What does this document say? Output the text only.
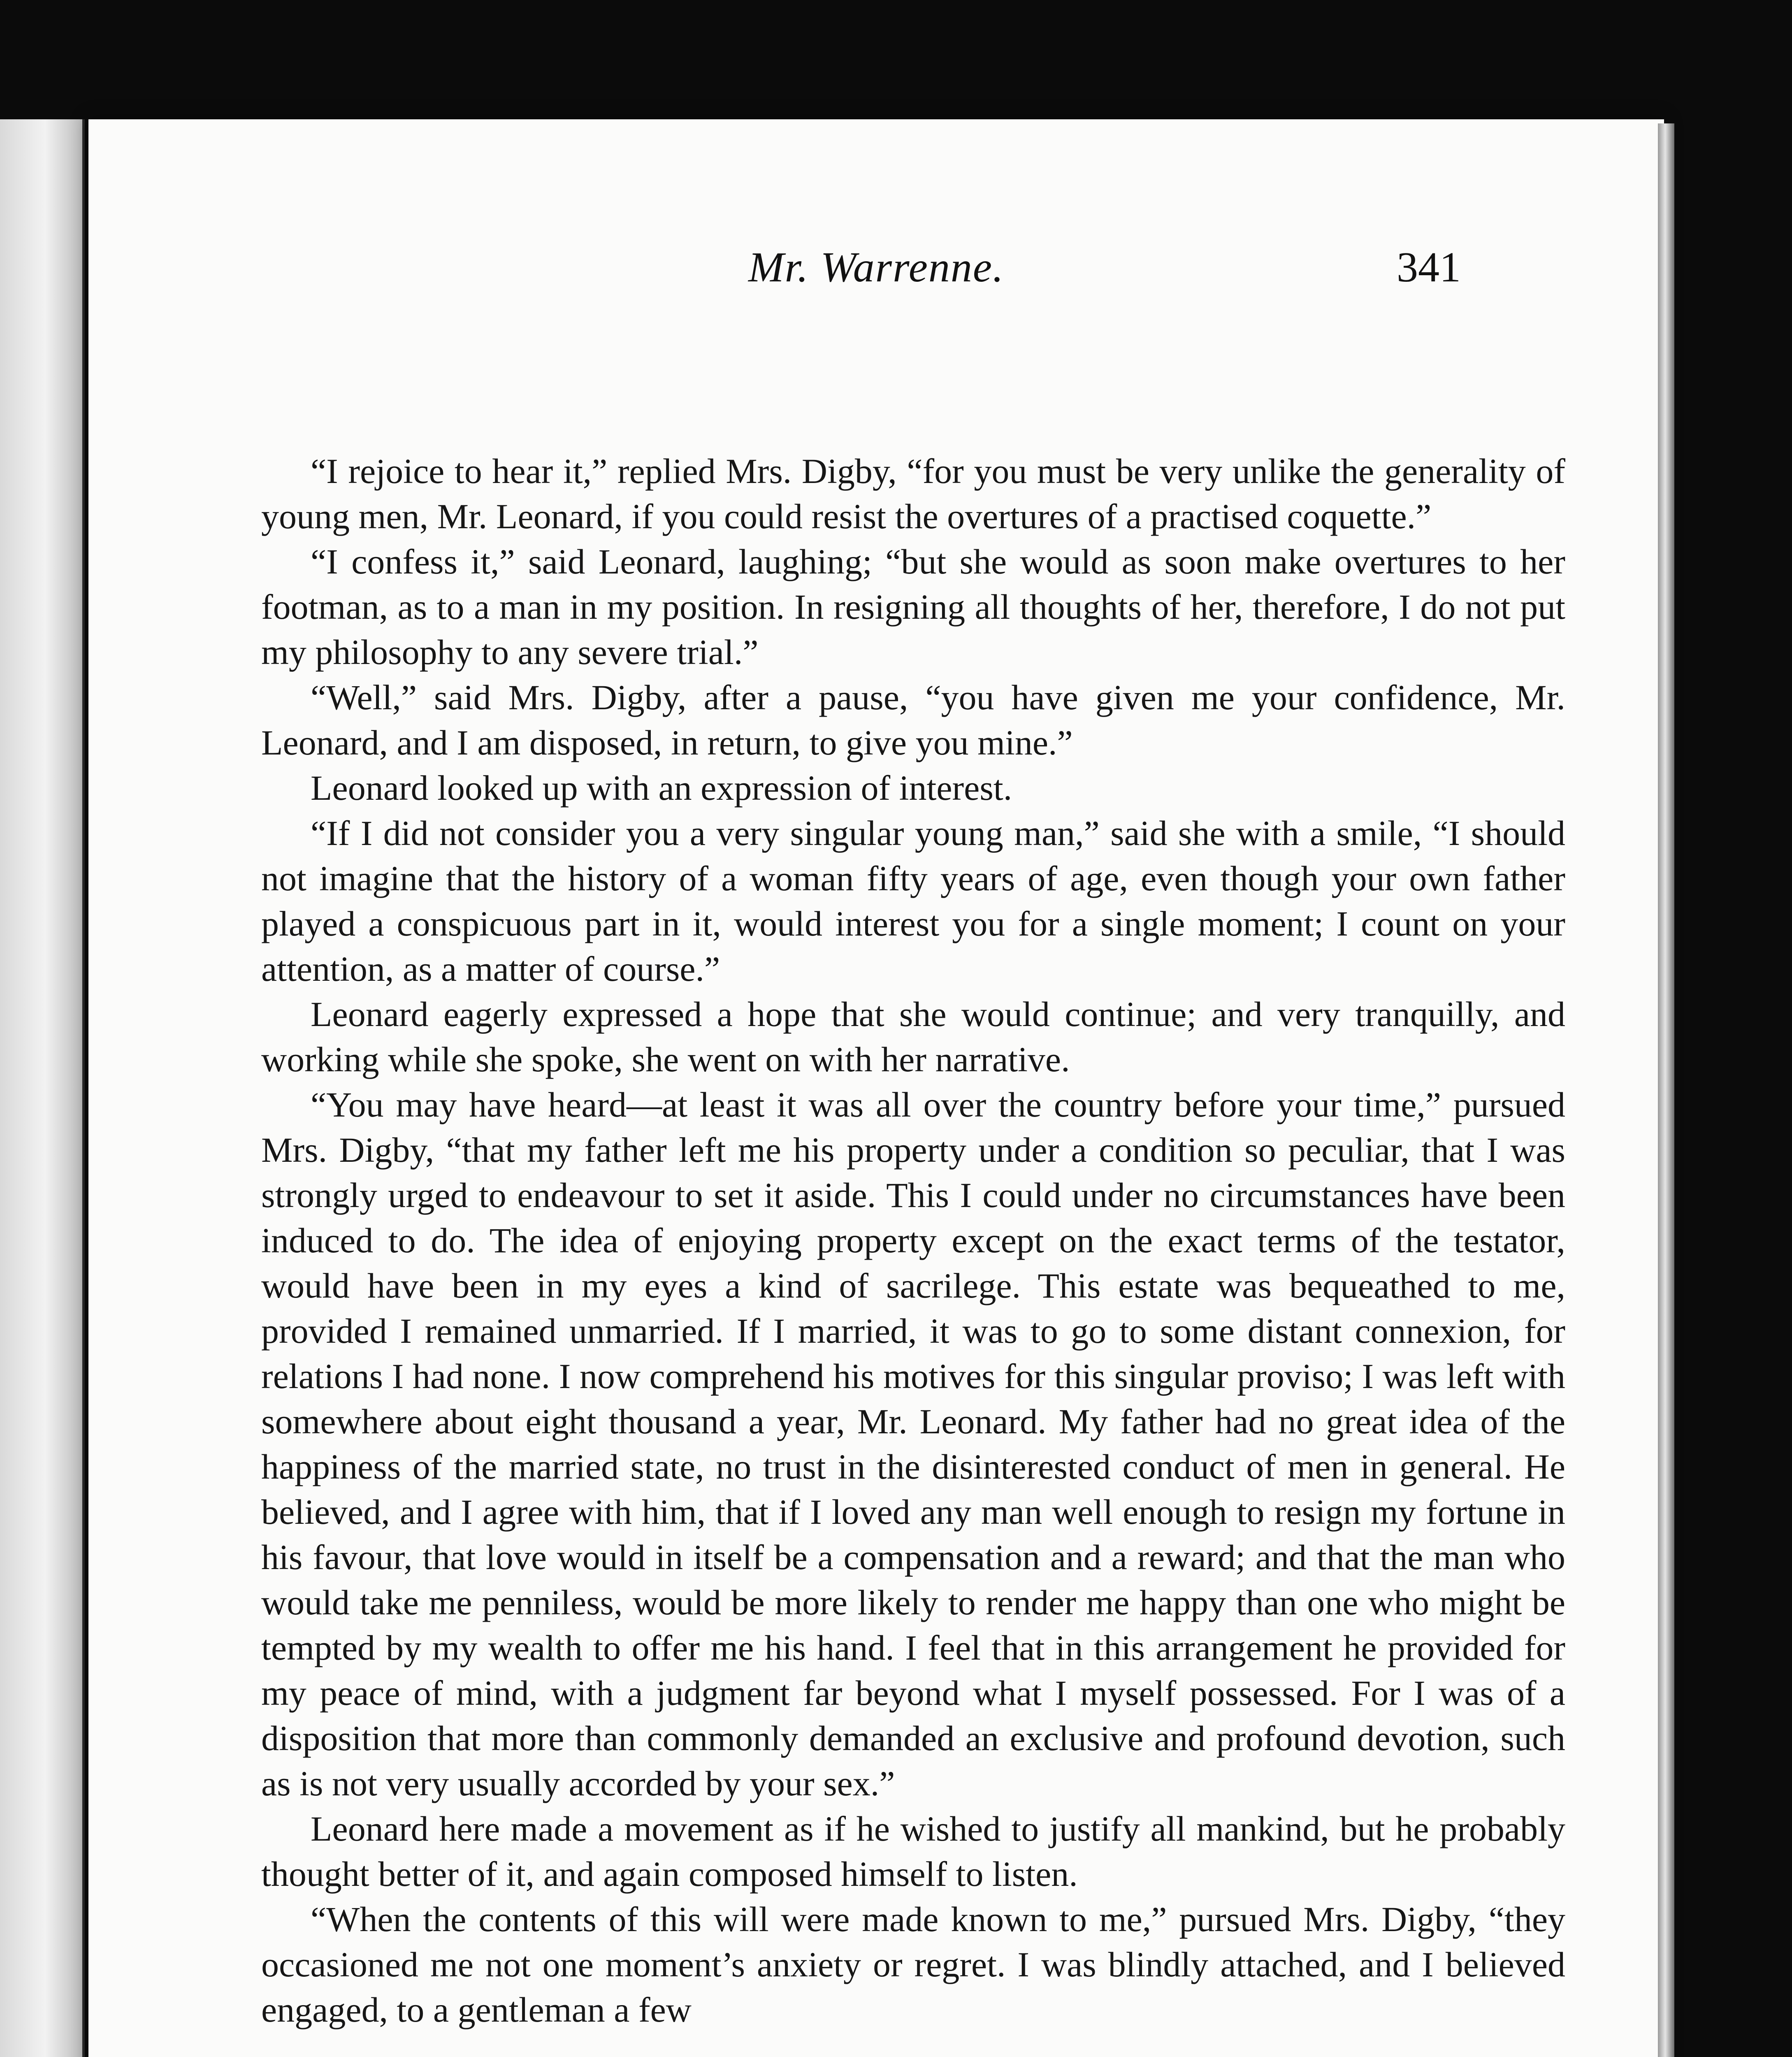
Mr. Warrenne.	341

“I rejoice to hear it,” replied Mrs. Digby, “for you must be very unlike the generality of young men, Mr. Leonard, if you could resist the overtures of a practised coquette.”

“I confess it,” said Leonard, laughing; “but she would as soon make overtures to her footman, as to a man in my position. In resigning all thoughts of her, therefore, I do not put my philosophy to any severe trial.”

“Well,” said Mrs. Digby, after a pause, “you have given me your confidence, Mr. Leonard, and I am disposed, in return, to give you mine.”

Leonard looked up with an expression of interest.

“If I did not consider you a very singular young man,” said she with a smile, “I should not imagine that the history of a woman fifty years of age, even though your own father played a conspicuous part in it, would interest you for a single moment; I count on your attention, as a matter of course.”

Leonard eagerly expressed a hope that she would continue; and very tranquilly, and working while she spoke, she went on with her narrative.

“You may have heard—at least it was all over the country before your time,” pursued Mrs. Digby, “that my father left me his property under a condition so peculiar, that I was strongly urged to endeavour to set it aside. This I could under no circumstances have been induced to do. The idea of enjoying property except on the exact terms of the testator, would have been in my eyes a kind of sacrilege. This estate was bequeathed to me, provided I remained unmarried. If I married, it was to go to some distant connexion, for relations I had none. I now comprehend his motives for this singular proviso; I was left with somewhere about eight thousand a year, Mr. Leonard. My father had no great idea of the happiness of the married state, no trust in the disinterested conduct of men in general. He believed, and I agree with him, that if I loved any man well enough to resign my fortune in his favour, that love would in itself be a compensation and a reward; and that the man who would take me penniless, would be more likely to render me happy than one who might be tempted by my wealth to offer me his hand. I feel that in this arrangement he provided for my peace of mind, with a judgment far beyond what I myself possessed. For I was of a disposition that more than commonly demanded an exclusive and profound devotion, such as is not very usually accorded by your sex.”

Leonard here made a movement as if he wished to justify all mankind, but he probably thought better of it, and again composed himself to listen.

“When the contents of this will were made known to me,” pursued Mrs. Digby, “they occasioned me not one moment’s anxiety or regret. I was blindly attached, and I believed engaged, to a gentleman a few
